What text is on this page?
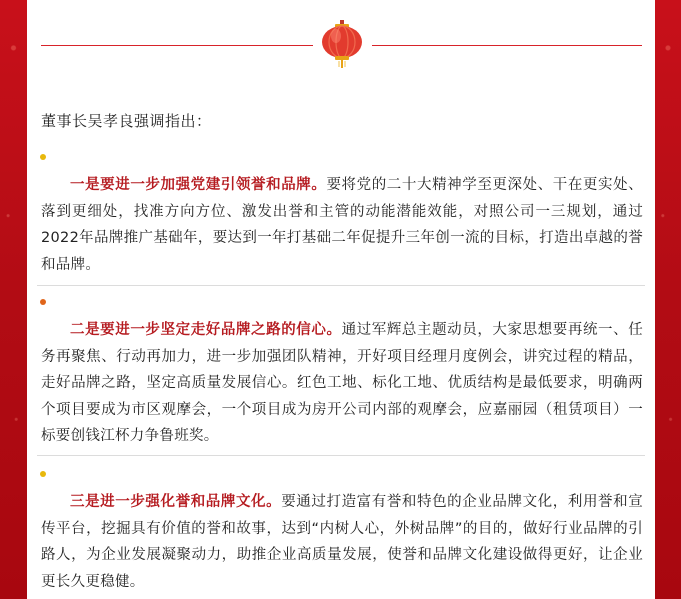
董事长吴孝良强调指出：
一是要进一步加强党建引领誉和品牌。要将党的二十大精神学至更深处、干在更实处、落到更细处，找准方向方位、激发出誉和主管的动能潜能效能，对照公司一三规划，通过2022年品牌推广基础年，要达到一年打基础二年促提升三年创一流的目标，打造出卓越的誉和品牌。
二是要进一步坚定走好品牌之路的信心。通过军辉总主题动员，大家思想要再统一、任务再聚焦、行动再加力，进一步加强团队精神，开好项目经理月度例会，讲究过程的精品，走好品牌之路，坚定高质量发展信心。红色工地、标化工地、优质结构是最低要求，明确两个项目要成为市区观摩会，一个项目成为房开公司内部的观摩会，应嘉丽园（租赁项目）一标要创钱江杯力争鲁班奖。
三是进一步强化誉和品牌文化。要通过打造富有誉和特色的企业品牌文化，利用誉和宣传平台，挖掘具有价值的誉和故事，达到“内树人心，外树品牌”的目的，做好行业品牌的引路人，为企业发展凝聚动力，助推企业高质量发展，使誉和品牌文化建设做得更好，让企业更长久更稳健。
